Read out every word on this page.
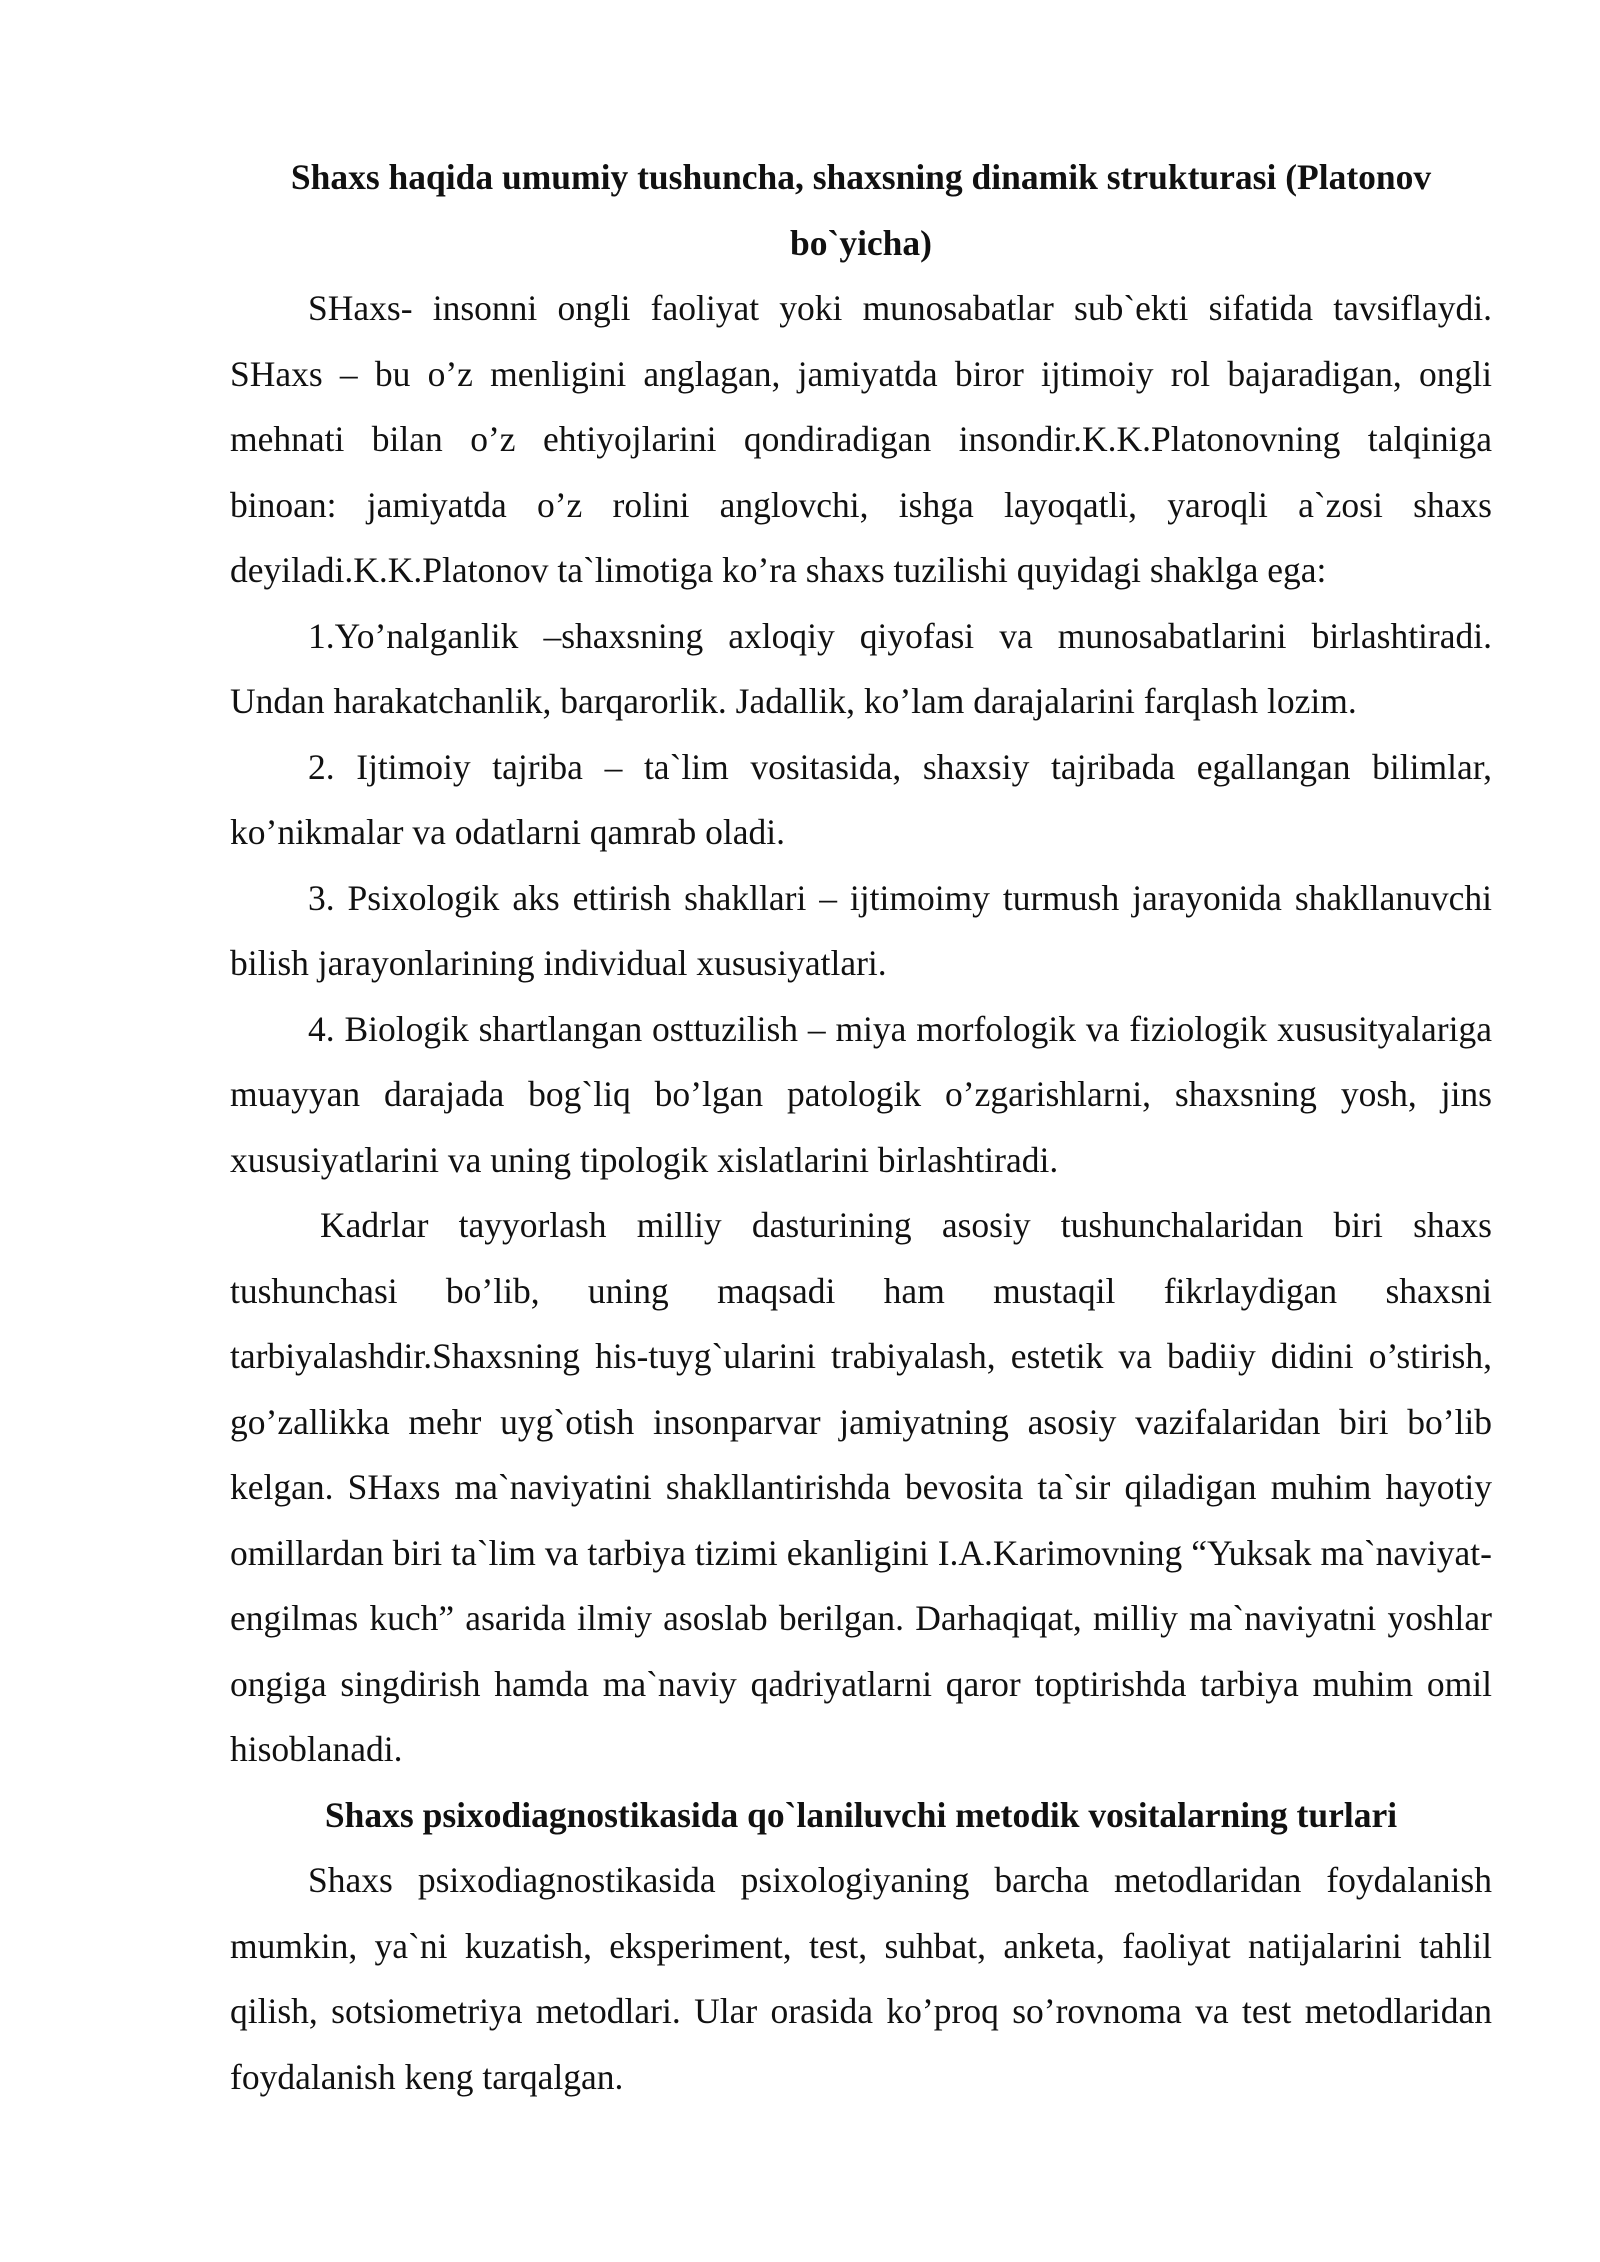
Shaxs haqida umumiy tushuncha, shaxsning dinamik strukturasi (Platonov bo`yicha)

SHaxs- insonni ongli faoliyat yoki munosabatlar sub`ekti sifatida tavsiflaydi. SHaxs – bu o’z menligini anglagan, jamiyatda biror ijtimoiy rol bajaradigan, ongli mehnati bilan o’z ehtiyojlarini qondiradigan insondir.K.K.Platonovning talqiniga binoan: jamiyatda o’z rolini anglovchi, ishga layoqatli, yaroqli a`zosi shaxs deyiladi.K.K.Platonov ta`limotiga ko’ra shaxs tuzilishi quyidagi shaklga ega:

1.Yo’nalganlik –shaxsning axloqiy qiyofasi va munosabatlarini birlashtiradi. Undan harakatchanlik, barqarorlik. Jadallik, ko’lam darajalarini farqlash lozim.

2. Ijtimoiy tajriba – ta`lim vositasida, shaxsiy tajribada egallangan bilimlar, ko’nikmalar va odatlarni qamrab oladi.

3. Psixologik aks ettirish shakllari – ijtimoimy turmush jarayonida shakllanuvchi bilish jarayonlarining individual xususiyatlari.

4. Biologik shartlangan osttuzilish – miya morfologik va fiziologik xususityalariga muayyan darajada bog`liq bo’lgan patologik o’zgarishlarni, shaxsning yosh, jins xususiyatlarini va uning tipologik xislatlarini birlashtiradi.

Kadrlar tayyorlash milliy dasturining asosiy tushunchalaridan biri shaxs tushunchasi bo’lib, uning maqsadi ham mustaqil fikrlaydigan shaxsni tarbiyalashdir.Shaxsning his-tuyg`ularini trabiyalash, estetik va badiiy didini o’stirish, go’zallikka mehr uyg`otish insonparvar jamiyatning asosiy vazifalaridan biri bo’lib kelgan. SHaxs ma`naviyatini shakllantirishda bevosita ta`sir qiladigan muhim hayotiy omillardan biri ta`lim va tarbiya tizimi ekanligini I.A.Karimovning “Yuksak ma`naviyat-engilmas kuch” asarida ilmiy asoslab berilgan. Darhaqiqat, milliy ma`naviyatni yoshlar ongiga singdirish hamda ma`naviy qadriyatlarni qaror toptirishda tarbiya muhim omil hisoblanadi.

Shaxs psixodiagnostikasida qo`laniluvchi metodik vositalarning turlari

Shaxs psixodiagnostikasida psixologiyaning barcha metodlaridan foydalanish mumkin, ya`ni kuzatish, eksperiment, test, suhbat, anketa, faoliyat natijalarini tahlil qilish, sotsiometriya metodlari. Ular orasida ko’proq so’rovnoma va test metodlaridan foydalanish keng tarqalgan.
